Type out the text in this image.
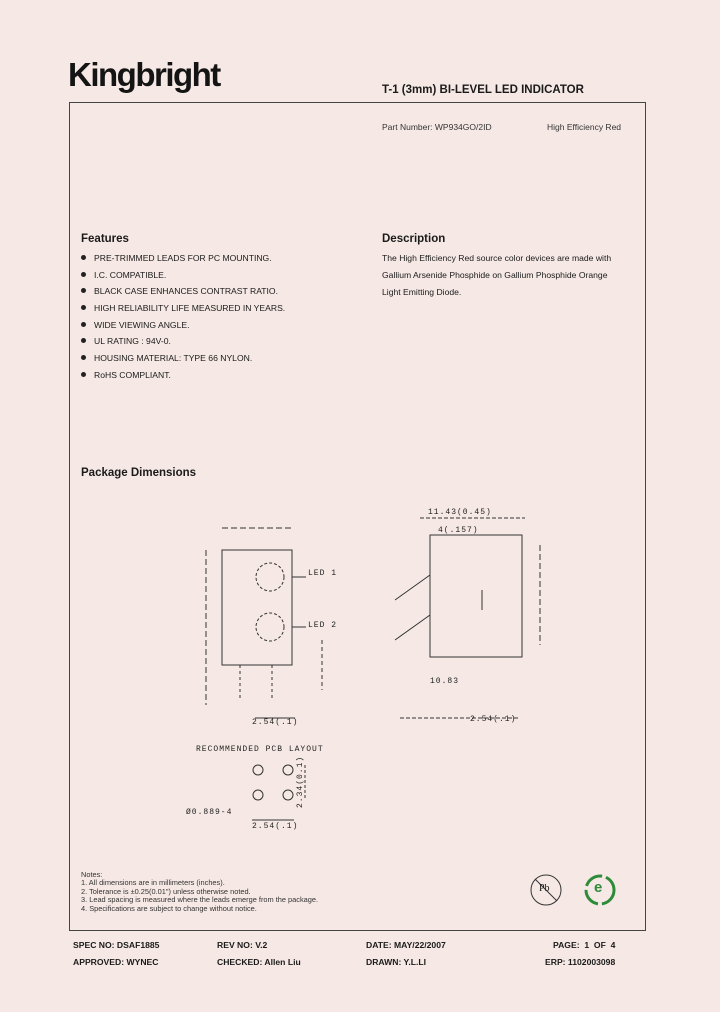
Kingbright	T-1 (3mm) BI-LEVEL LED INDICATOR
Part Number: WP934GO/2ID	High Efficiency Red
Features
PRE-TRIMMED LEADS FOR PC MOUNTING.
I.C. COMPATIBLE.
BLACK CASE ENHANCES CONTRAST RATIO.
HIGH RELIABILITY LIFE MEASURED IN YEARS.
WIDE VIEWING ANGLE.
UL RATING : 94V-0.
HOUSING MATERIAL: TYPE 66 NYLON.
RoHS COMPLIANT.
Description
The High Efficiency Red source color devices are made with
Gallium Arsenide Phosphide on Gallium Phosphide Orange
Light Emitting Diode.
Package Dimensions
LED 1
LED 2
11.43(0.45)
4(.157)
10.83
2.54(.1)	2.54(.1)
RECOMMENDED PCB LAYOUT
2.34(0.1)
Ø0.889-4
2.54(.1)
Notes:
1. All dimensions are in millimeters (inches).
2. Tolerance is ±0.25(0.01") unless otherwise noted.
3. Lead spacing is measured where the leads emerge from the package.
4. Specifications are subject to change without notice.
Pb	e
SPEC NO: DSAF1885	REV NO: V.2	DATE: MAY/22/2007	PAGE:  1  OF  4
APPROVED: WYNEC	CHECKED: Allen Liu	DRAWN: Y.L.LI	ERP: 1102003098
